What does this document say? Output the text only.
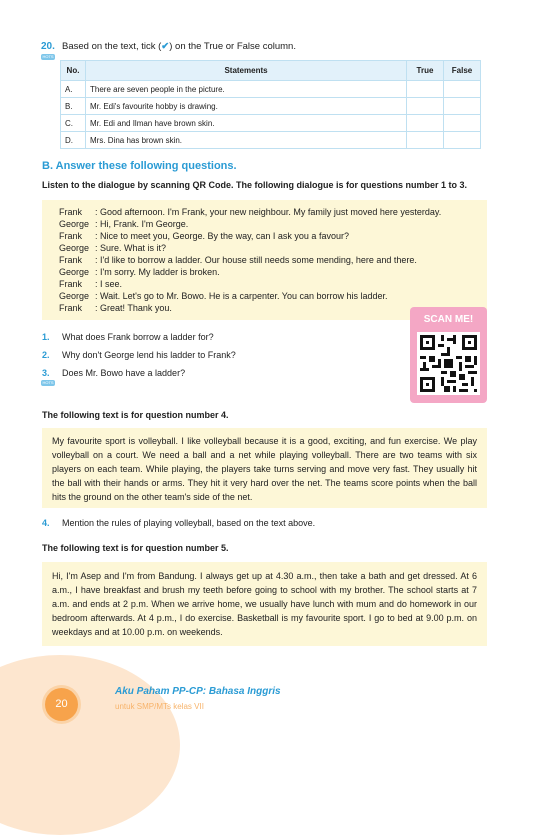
20.
HOTS
Based on the text, tick (✔) on the True or False column.
No.	Statements	True	False
A.	There are seven people in the picture.		
B.	Mr. Edi's favourite hobby is drawing.		
C.	Mr. Edi and Ilman have brown skin.		
D.	Mrs. Dina has brown skin.		
B. Answer these following questions.
Listen to the dialogue by scanning QR Code. The following dialogue is for questions number 1 to 3.
Frank : Good afternoon. I'm Frank, your new neighbour. My family just moved here yesterday.
George : Hi, Frank. I'm George.
Frank : Nice to meet you, George. By the way, can I ask you a favour?
George : Sure. What is it?
Frank : I'd like to borrow a ladder. Our house still needs some mending, here and there.
George : I'm sorry. My ladder is broken.
Frank : I see.
George : Wait. Let's go to Mr. Bowo. He is a carpenter. You can borrow his ladder.
Frank : Great! Thank you.
SCAN ME!
1. What does Frank borrow a ladder for?
2. Why don't George lend his ladder to Frank?
3. Does Mr. Bowo have a ladder?
HOTS
The following text is for question number 4.
My favourite sport is volleyball. I like volleyball because it is a good, exciting, and fun exercise. We play volleyball on a court. We need a ball and a net while playing volleyball. There are two teams with six players on each team. While playing, the players take turns serving and move very fast. They usually hit the ball with their hands or arms. They hit it very hard over the net. The teams score points when the ball hits the ground on the other team's side of the net.
4. Mention the rules of playing volleyball, based on the text above.
The following text is for question number 5.
Hi, I'm Asep and I'm from Bandung. I always get up at 4.30 a.m., then take a bath and get dressed. At 6 a.m., I have breakfast and brush my teeth before going to school with my brother. The school starts at 7 a.m. and ends at 2 p.m. When we arrive home, we usually have lunch with mum and do homework in our bedroom afterwards. At 4 p.m., I do exercise. Basketball is my favourite sport. I go to bed at 9.00 p.m. on weekdays and at 10.00 p.m. on weekends.
20
Aku Paham PP-CP: Bahasa Inggris
untuk SMP/MTs kelas VII
